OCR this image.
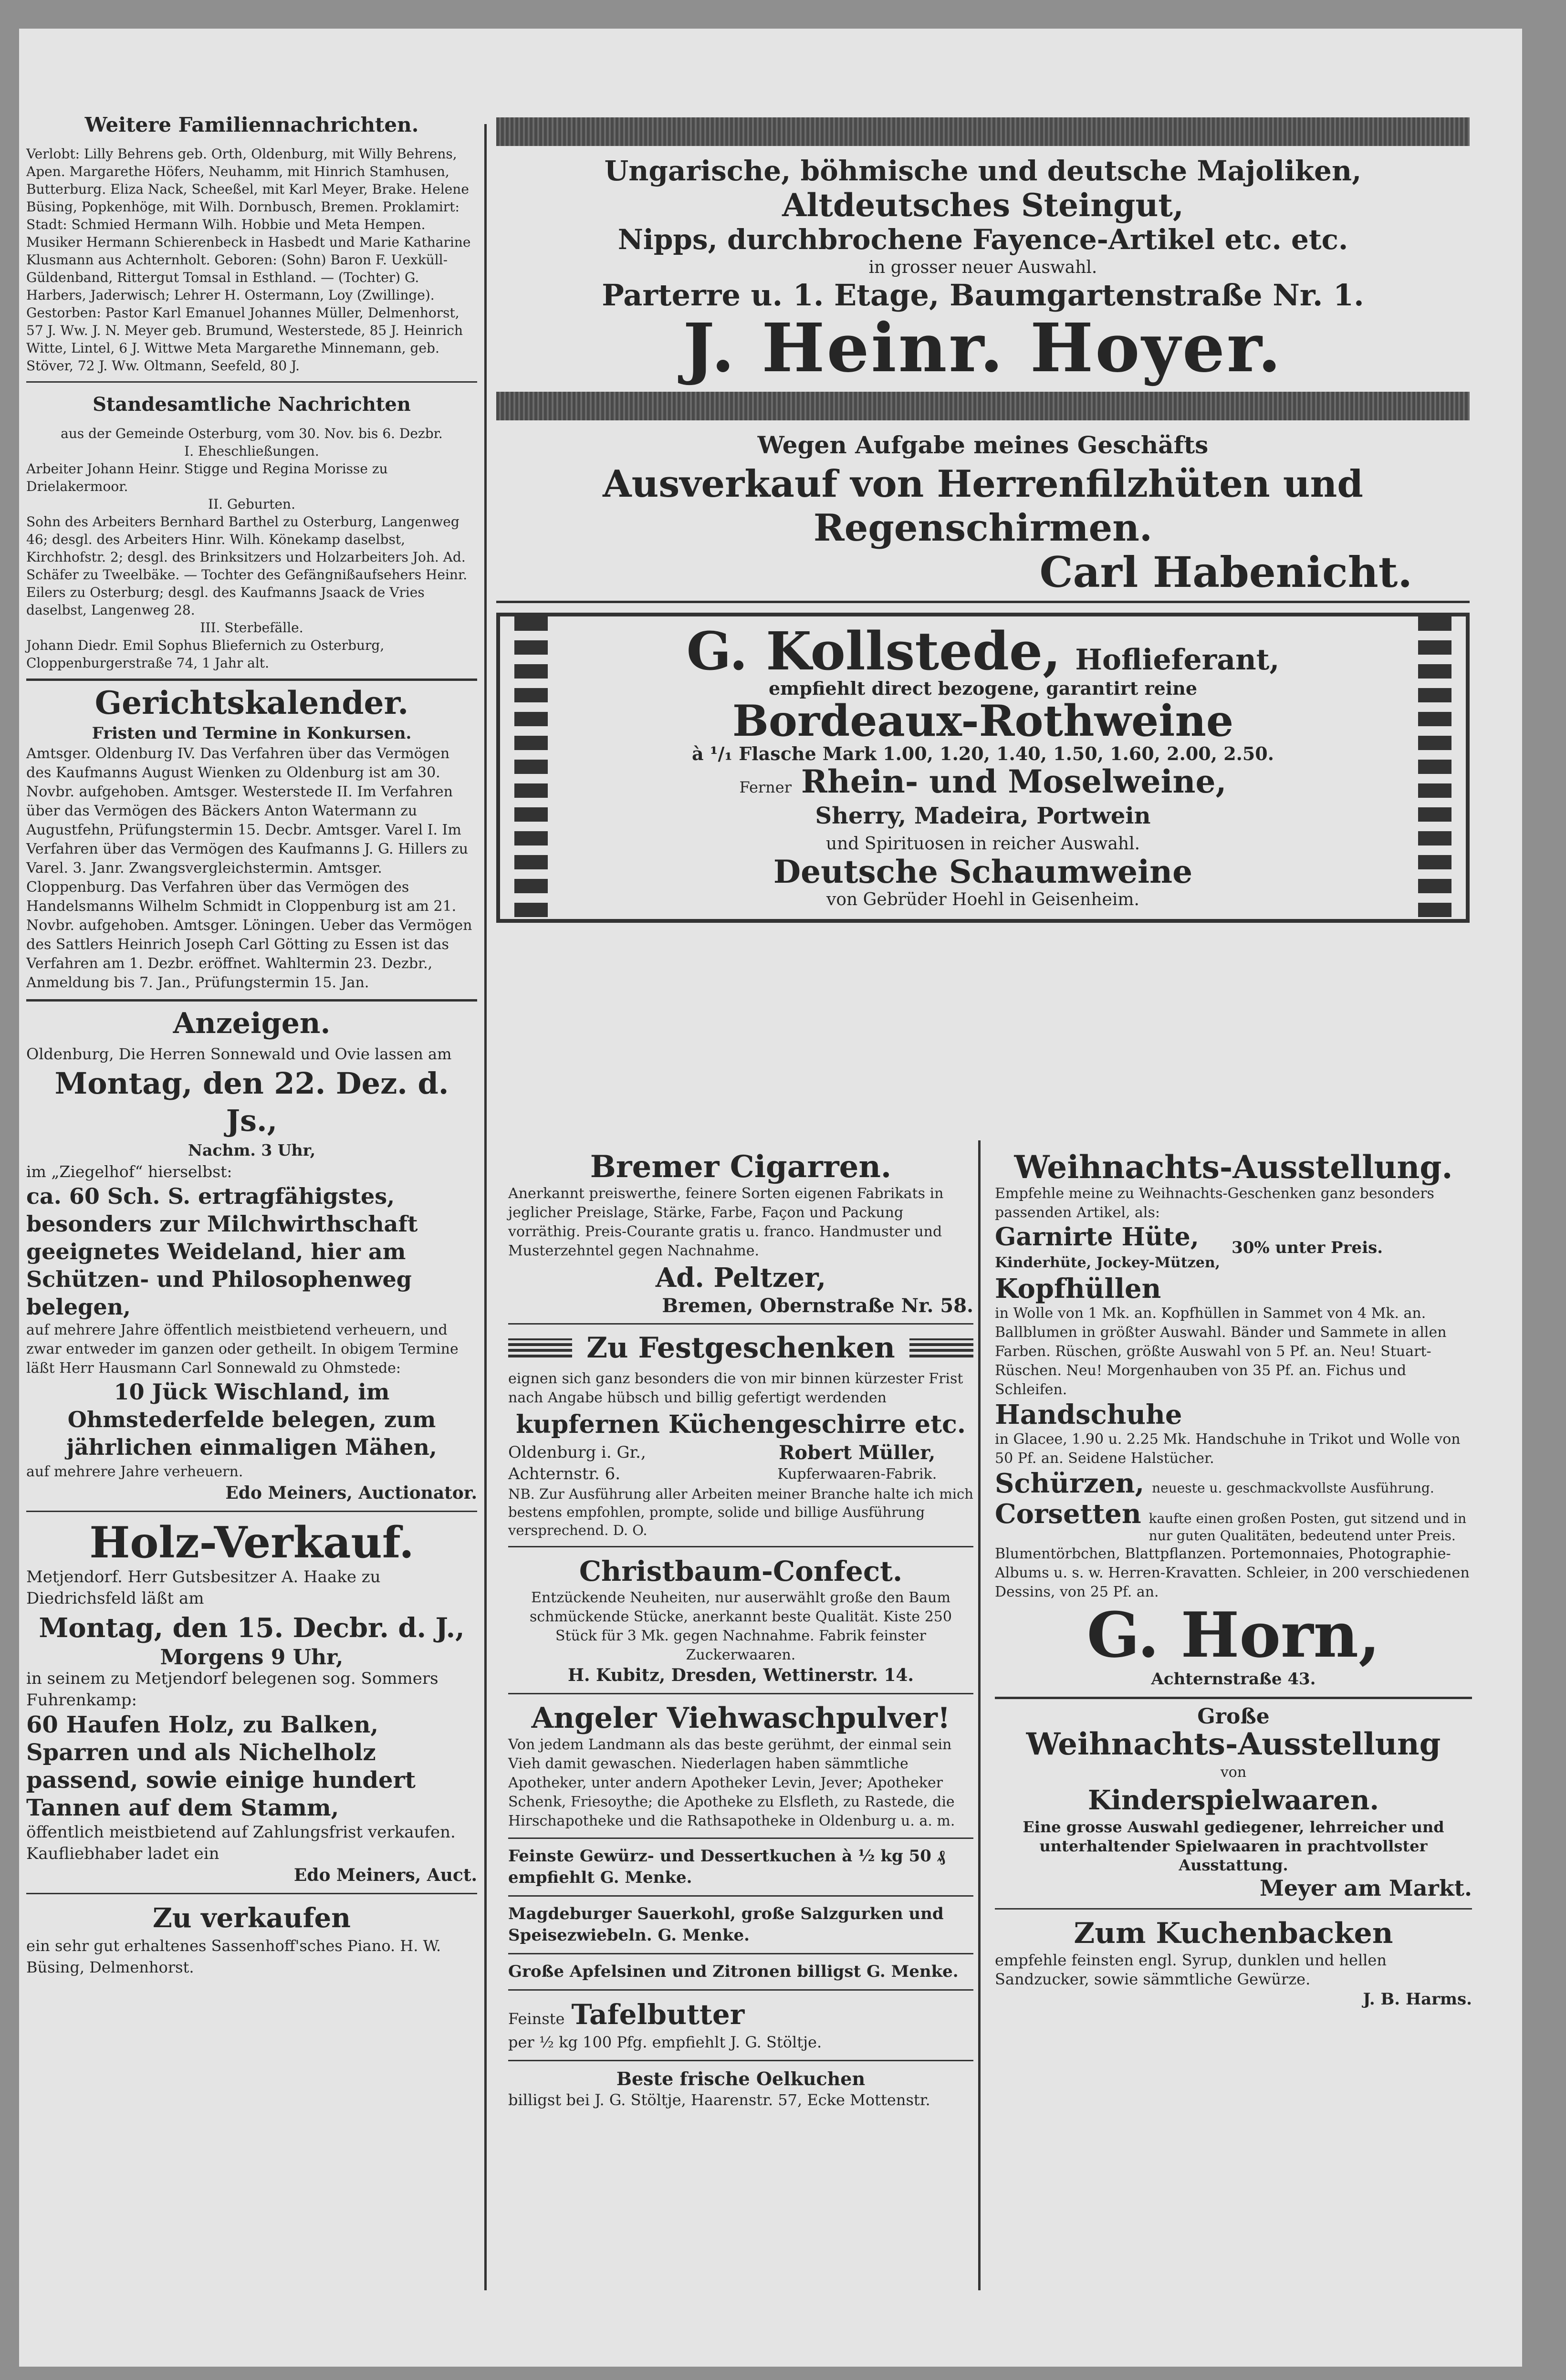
Weitere Familiennachrichten.

Verlobt: Lilly Behrens geb. Orth, Oldenburg, mit Willy Behrens, Apen. Margarethe Höfers, Neuhamm, mit Hinrich Stamhusen, Butterburg. Eliza Nack, Scheeßel, mit Karl Meyer, Brake. Helene Büsing, Popkenhöge, mit Wilh. Dornbusch, Bremen. Proklamirt: Stadt: Schmied Hermann Wilh. Hobbie und Meta Hempen. Musiker Hermann Schierenbeck in Hasbedt und Marie Katharine Klusmann aus Achternholt. Geboren: (Sohn) Baron F. Uexküll-Güldenband, Rittergut Tomsal in Esthland. — (Tochter) G. Harbers, Jaderwisch; Lehrer H. Ostermann, Loy (Zwillinge). Gestorben: Pastor Karl Emanuel Johannes Müller, Delmenhorst, 57 J. Ww. J. N. Meyer geb. Brumund, Westerstede, 85 J. Heinrich Witte, Lintel, 6 J. Wittwe Meta Margarethe Minnemann, geb. Stöver, 72 J. Ww. Oltmann, Seefeld, 80 J.

Standesamtliche Nachrichten

aus der Gemeinde Osterburg, vom 30. Nov. bis 6. Dezbr.

I. Eheschließungen.

Arbeiter Johann Heinr. Stigge und Regina Morisse zu Drielakermoor.

II. Geburten.

Sohn des Arbeiters Bernhard Barthel zu Osterburg, Langenweg 46; desgl. des Arbeiters Hinr. Wilh. Könekamp daselbst, Kirchhofstr. 2; desgl. des Brinksitzers und Holzarbeiters Joh. Ad. Schäfer zu Tweelbäke. — Tochter des Gefängnißaufsehers Heinr. Eilers zu Osterburg; desgl. des Kaufmanns Jsaack de Vries daselbst, Langenweg 28.

III. Sterbefälle.

Johann Diedr. Emil Sophus Bliefernich zu Osterburg, Cloppenburgerstraße 74, 1 Jahr alt.

Gerichtskalender.

Fristen und Termine in Konkursen.

Amtsger. Oldenburg IV. Das Verfahren über das Vermögen des Kaufmanns August Wienken zu Oldenburg ist am 30. Novbr. aufgehoben. Amtsger. Westerstede II. Im Verfahren über das Vermögen des Bäckers Anton Watermann zu Augustfehn, Prüfungstermin 15. Decbr. Amtsger. Varel I. Im Verfahren über das Vermögen des Kaufmanns J. G. Hillers zu Varel. 3. Janr. Zwangsvergleichstermin. Amtsger. Cloppenburg. Das Verfahren über das Vermögen des Handelsmanns Wilhelm Schmidt in Cloppenburg ist am 21. Novbr. aufgehoben. Amtsger. Löningen. Ueber das Vermögen des Sattlers Heinrich Joseph Carl Götting zu Essen ist das Verfahren am 1. Dezbr. eröffnet. Wahltermin 23. Dezbr., Anmeldung bis 7. Jan., Prüfungstermin 15. Jan.

Anzeigen.

Oldenburg, Die Herren Sonnewald und Ovie lassen am

Montag, den 22. Dez. d. Js.,

Nachm. 3 Uhr,

im „Ziegelhof“ hierselbst:

ca. 60 Sch. S. ertragfähigstes, besonders zur Milchwirthschaft geeignetes Weideland, hier am Schützen- und Philosophenweg belegen,

auf mehrere Jahre öffentlich meistbietend verheuern, und zwar entweder im ganzen oder getheilt. In obigem Termine läßt Herr Hausmann Carl Sonnewald zu Ohmstede:

10 Jück Wischland, im Ohmstederfelde belegen, zum jährlichen einmaligen Mähen,

auf mehrere Jahre verheuern.

Edo Meiners, Auctionator.

Holz-Verkauf.

Metjendorf. Herr Gutsbesitzer A. Haake zu Diedrichsfeld läßt am

Montag, den 15. Decbr. d. J.,

Morgens 9 Uhr,

in seinem zu Metjendorf belegenen sog. Sommers Fuhrenkamp:

60 Haufen Holz, zu Balken, Sparren und als Nichelholz passend, sowie einige hundert Tannen auf dem Stamm,

öffentlich meistbietend auf Zahlungsfrist verkaufen. Kaufliebhaber ladet ein

Edo Meiners, Auct.

Zu verkaufen

ein sehr gut erhaltenes Sassenhoff'sches Piano. H. W. Büsing, Delmenhorst.

Ungarische, böhmische und deutsche Majoliken,
Altdeutsches Steingut,
Nipps, durchbrochene Fayence-Artikel etc. etc.

in grosser neuer Auswahl.

Parterre u. 1. Etage, Baumgartenstraße Nr. 1.
J. Heinr. Hoyer.
Wegen Aufgabe meines Geschäfts
Ausverkauf von Herrenfilzhüten und
Regenschirmen.
Carl Habenicht.
G. Kollstede, Hoflieferant,

empfiehlt direct bezogene, garantirt reine

Bordeaux-Rothweine

à ¹/₁ Flasche Mark 1.00, 1.20, 1.40, 1.50, 1.60, 2.00, 2.50.

Ferner Rhein- und Moselweine,
Sherry, Madeira, Portwein

und Spirituosen in reicher Auswahl.

Deutsche Schaumweine

von Gebrüder Hoehl in Geisenheim.

Bremer Cigarren.

Anerkannt preiswerthe, feinere Sorten eigenen Fabrikats in jeglicher Preislage, Stärke, Farbe, Façon und Packung vorräthig. Preis-Courante gratis u. franco. Handmuster und Musterzehntel gegen Nachnahme.

Ad. Peltzer,

Bremen, Obernstraße Nr. 58.

Zu Festgeschenken

eignen sich ganz besonders die von mir binnen kürzester Frist nach Angabe hübsch und billig gefertigt werdenden

kupfernen Küchengeschirre etc.

Oldenburg i. Gr., Achternstr. 6.

Robert Müller,

Kupferwaaren-Fabrik.

NB. Zur Ausführung aller Arbeiten meiner Branche halte ich mich bestens empfohlen, prompte, solide und billige Ausführung versprechend. D. O.

Christbaum-Confect.

Entzückende Neuheiten, nur auserwählt große den Baum schmückende Stücke, anerkannt beste Qualität. Kiste 250 Stück für 3 Mk. gegen Nachnahme. Fabrik feinster Zuckerwaaren.

H. Kubitz, Dresden, Wettinerstr. 14.

Angeler Viehwaschpulver!

Von jedem Landmann als das beste gerühmt, der einmal sein Vieh damit gewaschen. Niederlagen haben sämmtliche Apotheker, unter andern Apotheker Levin, Jever; Apotheker Schenk, Friesoythe; die Apotheke zu Elsfleth, zu Rastede, die Hirschapotheke und die Rathsapotheke in Oldenburg u. a. m.

Feinste Gewürz- und Dessertkuchen à ½ kg 50 ₰ empfiehlt G. Menke.

Magdeburger Sauerkohl, große Salzgurken und Speisezwiebeln. G. Menke.

Große Apfelsinen und Zitronen billigst G. Menke.

Feinste Tafelbutter

per ½ kg 100 Pfg. empfiehlt J. G. Stöltje.

Beste frische Oelkuchen

billigst bei J. G. Stöltje, Haarenstr. 57, Ecke Mottenstr.

Weihnachts-Ausstellung.

Empfehle meine zu Weihnachts-Geschenken ganz besonders passenden Artikel, als:

Garnirte Hüte,

Kinderhüte, Jockey-Mützen,

30% unter Preis.

Kopfhüllen

in Wolle von 1 Mk. an. Kopfhüllen in Sammet von 4 Mk. an. Ballblumen in größter Auswahl. Bänder und Sammete in allen Farben. Rüschen, größte Auswahl von 5 Pf. an. Neu! Stuart-Rüschen. Neu! Morgenhauben von 35 Pf. an. Fichus und Schleifen.

Handschuhe

in Glacee, 1.90 u. 2.25 Mk. Handschuhe in Trikot und Wolle von 50 Pf. an. Seidene Halstücher.

Schürzen, neueste u. geschmackvollste Ausführung.
Corsetten kaufte einen großen Posten, gut sitzend und in nur guten Qualitäten, bedeutend unter Preis.

Blumentörbchen, Blattpflanzen. Portemonnaies, Photographie-Albums u. s. w. Herren-Kravatten. Schleier, in 200 verschiedenen Dessins, von 25 Pf. an.

G. Horn,

Achternstraße 43.

Große

Weihnachts-Ausstellung

von

Kinderspielwaaren.

Eine grosse Auswahl gediegener, lehrreicher und unterhaltender Spielwaaren in prachtvollster Ausstattung.

Meyer am Markt.

Zum Kuchenbacken

empfehle feinsten engl. Syrup, dunklen und hellen Sandzucker, sowie sämmtliche Gewürze.

J. B. Harms.
